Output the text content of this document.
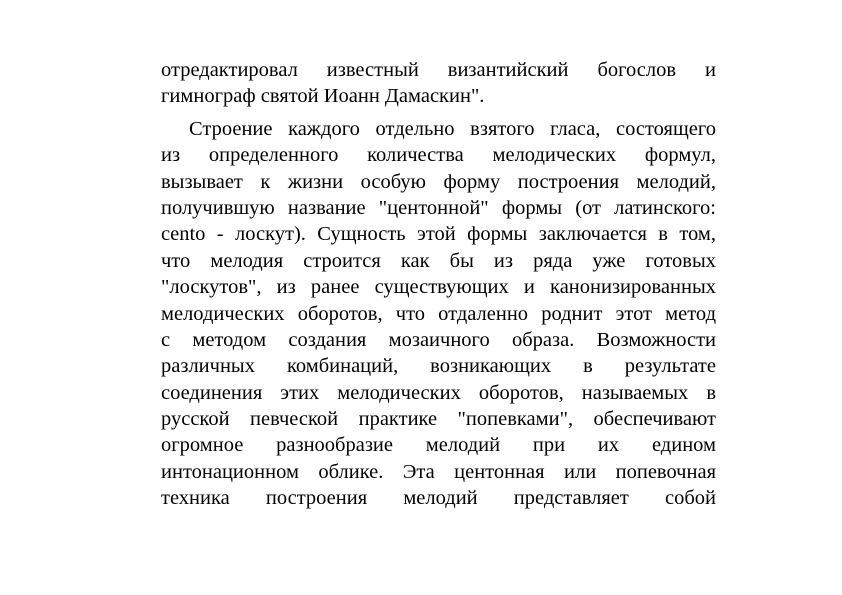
отредактировал известный византийский богослов и
гимнограф святой Иоанн Дамаскин".
Строение каждого отдельно взятого гласа, состоящего
из определенного количества мелодических формул,
вызывает к жизни особую форму построения мелодий,
получившую название "центонной" формы (от латинского:
cento - лоскут). Сущность этой формы заключается в том,
что мелодия строится как бы из ряда уже готовых
"лоскутов", из ранее существующих и канонизированных
мелодических оборотов, что отдаленно роднит этот метод
с методом создания мозаичного образа. Возможности
различных комбинаций, возникающих в результате
соединения этих мелодических оборотов, называемых в
русской певческой практике "попевками", обеспечивают
огромное разнообразие мелодий при их едином
интонационном облике. Эта центонная или попевочная
техника построения мелодий представляет собой
